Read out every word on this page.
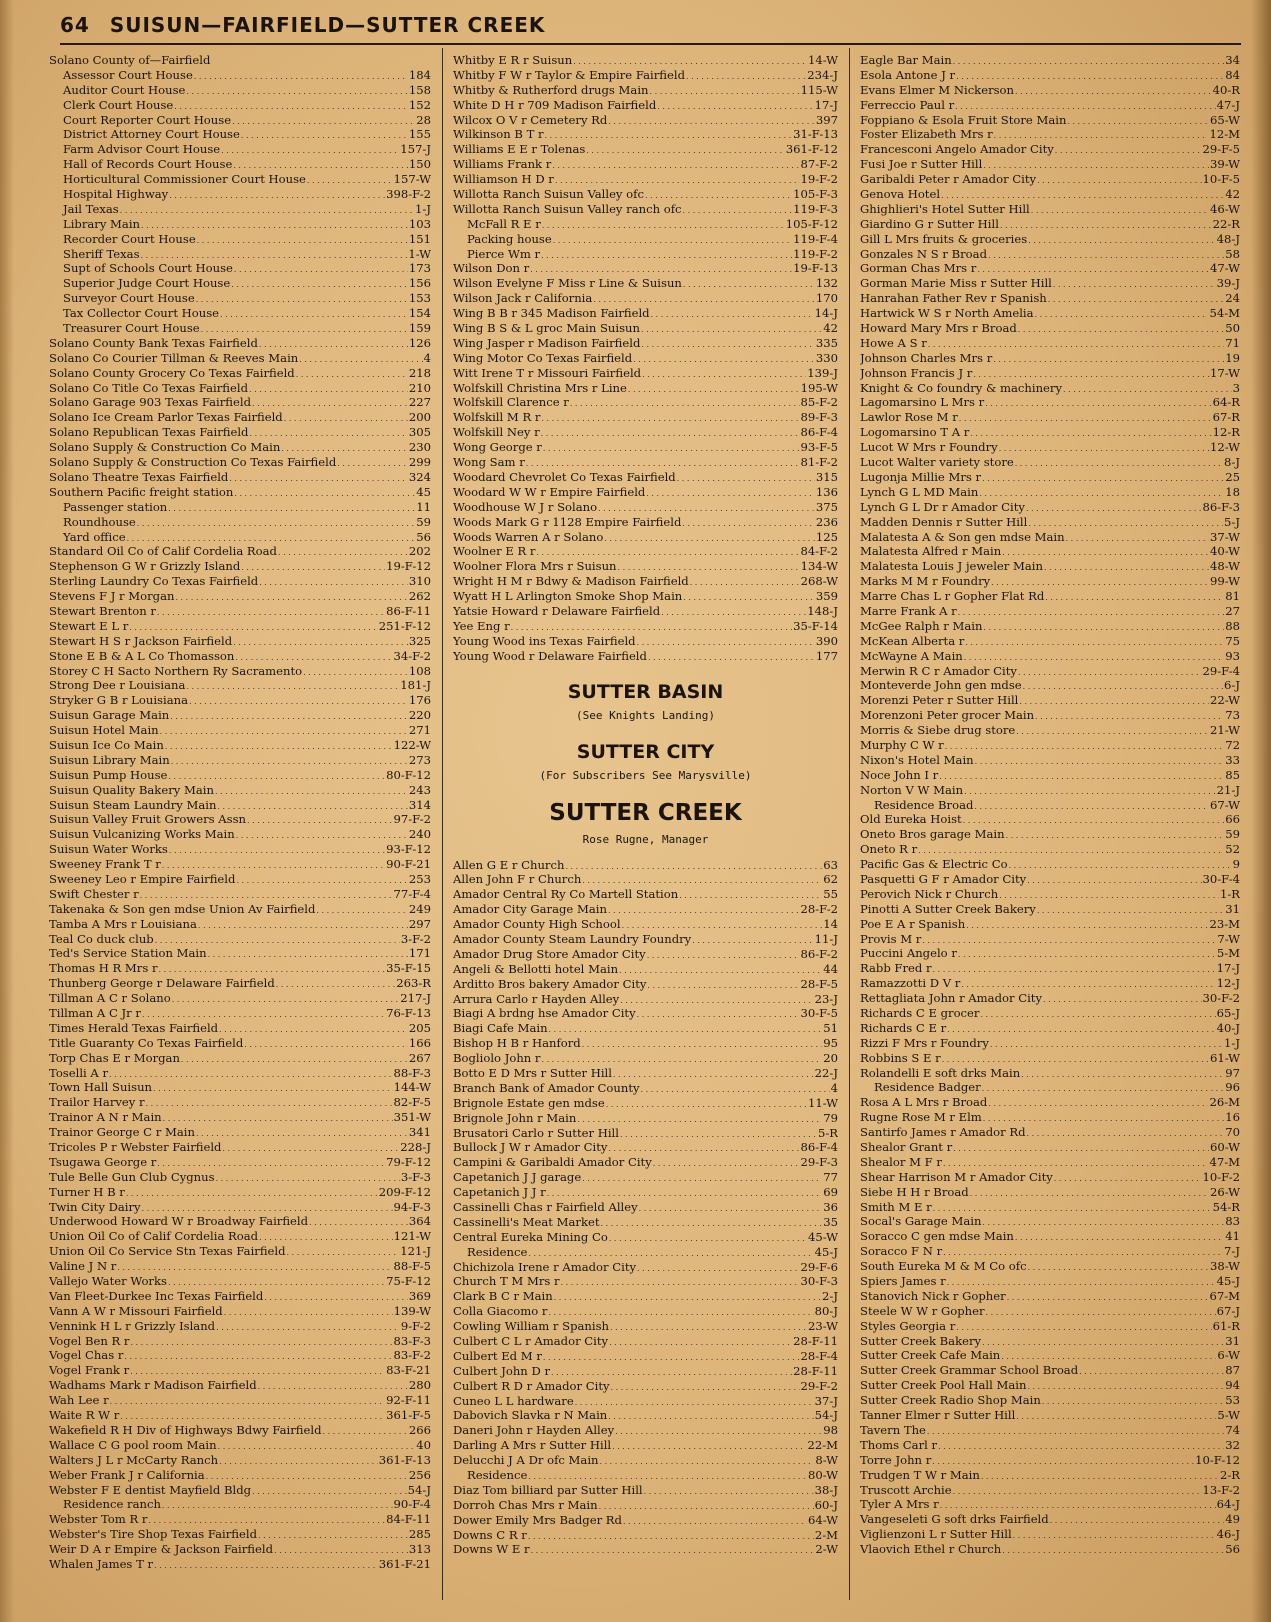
64 SUISUN—FAIRFIELD—SUTTER CREEK
Solano County of—Fairfield
Assessor Court House . . .	184
Auditor Court House . . .	158
Clerk Court House . . .	152
Court Reporter Court House . . .	28
District Attorney Court House . . .	155
Farm Advisor Court House . . .	157-J
Hall of Records Court House . . .	150
Horticultural Commissioner Court House . . .	157-W
Hospital Highway . . .	398-F-2
Jail Texas . . .	1-J
Library Main . . .	103
Recorder Court House . . .	151
Sheriff Texas . . .	1-W
Supt of Schools Court House . . .	173
Superior Judge Court House . . .	156
Surveyor Court House . . .	153
Tax Collector Court House . . .	154
Treasurer Court House . . .	159
Solano County Bank Texas Fairfield . . .	126
Solano Co Courier Tillman & Reeves Main . . .	4
Solano County Grocery Co Texas Fairfield . . .	218
Solano Co Title Co Texas Fairfield . . .	210
Solano Garage 903 Texas Fairfield . . .	227
Solano Ice Cream Parlor Texas Fairfield . . .	200
Solano Republican Texas Fairfield . . .	305
Solano Supply & Construction Co Main . . .	230
Solano Supply & Construction Co Texas Fairfield . . .	299
Solano Theatre Texas Fairfield . . .	324
Southern Pacific freight station . . .	45
Passenger station . . .	11
Roundhouse . . .	59
Yard office . . .	56
Standard Oil Co of Calif Cordelia Road . . .	202
Stephenson G W r Grizzly Island . . .	19-F-12
Sterling Laundry Co Texas Fairfield . . .	310
Stevens F J r Morgan . . .	262
Stewart Brenton r . . .	86-F-11
Stewart E L r . . .	251-F-12
Stewart H S r Jackson Fairfield . . .	325
Stone E B & A L Co Thomasson . . .	34-F-2
Storey C H Sacto Northern Ry Sacramento . . .	108
Strong Dee r Louisiana . . .	181-J
Stryker G B r Louisiana . . .	176
Suisun Garage Main . . .	220
Suisun Hotel Main . . .	271
Suisun Ice Co Main . . .	122-W
Suisun Library Main . . .	273
Suisun Pump House . . .	80-F-12
Suisun Quality Bakery Main . . .	243
Suisun Steam Laundry Main . . .	314
Suisun Valley Fruit Growers Assn . . .	97-F-2
Suisun Vulcanizing Works Main . . .	240
Suisun Water Works . . .	93-F-12
Sweeney Frank T r . . .	90-F-21
Sweeney Leo r Empire Fairfield . . .	253
Swift Chester r . . .	77-F-4
Takenaka & Son gen mdse Union Av Fairfield . . .	249
Tamba A Mrs r Louisiana . . .	297
Teal Co duck club . . .	3-F-2
Ted's Service Station Main . . .	171
Thomas H R Mrs r . . .	35-F-15
Thunberg George r Delaware Fairfield . . .	263-R
Tillman A C r Solano . . .	217-J
Tillman A C Jr r . . .	76-F-13
Times Herald Texas Fairfield . . .	205
Title Guaranty Co Texas Fairfield . . .	166
Torp Chas E r Morgan . . .	267
Toselli A r . . .	88-F-3
Town Hall Suisun . . .	144-W
Trailor Harvey r . . .	82-F-5
Trainor A N r Main . . .	351-W
Trainor George C r Main . . .	341
Tricoles P r Webster Fairfield . . .	228-J
Tsugawa George r . . .	79-F-12
Tule Belle Gun Club Cygnus . . .	3-F-3
Turner H B r . . .	209-F-12
Twin City Dairy . . .	94-F-3
Underwood Howard W r Broadway Fairfield . . .	364
Union Oil Co of Calif Cordelia Road . . .	121-W
Union Oil Co Service Stn Texas Fairfield . . .	121-J
Valine J N r . . .	88-F-5
Vallejo Water Works . . .	75-F-12
Van Fleet-Durkee Inc Texas Fairfield . . .	369
Vann A W r Missouri Fairfield . . .	139-W
Vennink H L r Grizzly Island . . .	9-F-2
Vogel Ben R r . . .	83-F-3
Vogel Chas r . . .	83-F-2
Vogel Frank r . . .	83-F-21
Wadhams Mark r Madison Fairfield . . .	280
Wah Lee r . . .	92-F-11
Waite R W r . . .	361-F-5
Wakefield R H Div of Highways Bdwy Fairfield . . .	266
Wallace C G pool room Main . . .	40
Walters J L r McCarty Ranch . . .	361-F-13
Weber Frank J r California . . .	256
Webster F E dentist Mayfield Bldg . . .	54-J
Residence ranch . . .	90-F-4
Webster Tom R r . . .	84-F-11
Webster's Tire Shop Texas Fairfield . . .	285
Weir D A r Empire & Jackson Fairfield . . .	313
Whalen James T r . . .	361-F-21
Whitby E R r Suisun . . .	14-W
Whitby F W r Taylor & Empire Fairfield . . .	234-J
Whitby & Rutherford drugs Main . . .	115-W
White D H r 709 Madison Fairfield . . .	17-J
Wilcox O V r Cemetery Rd . . .	397
Wilkinson B T r . . .	31-F-13
Williams E E r Tolenas . . .	361-F-12
Williams Frank r . . .	87-F-2
Williamson H D r . . .	19-F-2
Willotta Ranch Suisun Valley ofc . . .	105-F-3
Willotta Ranch Suisun Valley ranch ofc . . .	119-F-3
McFall R E r . . .	105-F-12
Packing house . . .	119-F-4
Pierce Wm r . . .	119-F-2
Wilson Don r . . .	19-F-13
Wilson Evelyne F Miss r Line & Suisun . . .	132
Wilson Jack r California . . .	170
Wing B B r 345 Madison Fairfield . . .	14-J
Wing B S & L groc Main Suisun . . .	42
Wing Jasper r Madison Fairfield . . .	335
Wing Motor Co Texas Fairfield . . .	330
Witt Irene T r Missouri Fairfield . . .	139-J
Wolfskill Christina Mrs r Line . . .	195-W
Wolfskill Clarence r . . .	85-F-2
Wolfskill M R r . . .	89-F-3
Wolfskill Ney r . . .	86-F-4
Wong George r . . .	93-F-5
Wong Sam r . . .	81-F-2
Woodard Chevrolet Co Texas Fairfield . . .	315
Woodard W W r Empire Fairfield . . .	136
Woodhouse W J r Solano . . .	375
Woods Mark G r 1128 Empire Fairfield . . .	236
Woods Warren A r Solano . . .	125
Woolner E R r . . .	84-F-2
Woolner Flora Mrs r Suisun . . .	134-W
Wright H M r Bdwy & Madison Fairfield . . .	268-W
Wyatt H L Arlington Smoke Shop Main . . .	359
Yatsie Howard r Delaware Fairfield . . .	148-J
Yee Eng r . . .	35-F-14
Young Wood ins Texas Fairfield . . .	390
Young Wood r Delaware Fairfield . . .	177
SUTTER BASIN
(See Knights Landing)
SUTTER CITY
(For Subscribers See Marysville)
SUTTER CREEK
Rose Rugne, Manager
Allen G E r Church . . .	63
Allen John F r Church . . .	62
Amador Central Ry Co Martell Station . . .	55
Amador City Garage Main . . .	28-F-2
Amador County High School . . .	14
Amador County Steam Laundry Foundry . . .	11-J
Amador Drug Store Amador City . . .	86-F-2
Angeli & Bellotti hotel Main . . .	44
Arditto Bros bakery Amador City . . .	28-F-5
Arrura Carlo r Hayden Alley . . .	23-J
Biagi A brdng hse Amador City . . .	30-F-5
Biagi Cafe Main . . .	51
Bishop H B r Hanford . . .	95
Bogliolo John r . . .	20
Botto E D Mrs r Sutter Hill . . .	22-J
Branch Bank of Amador County . . .	4
Brignole Estate gen mdse . . .	11-W
Brignole John r Main . . .	79
Brusatori Carlo r Sutter Hill . . .	5-R
Bullock J W r Amador City . . .	86-F-4
Campini & Garibaldi Amador City . . .	29-F-3
Capetanich J J garage . . .	77
Capetanich J J r . . .	69
Cassinelli Chas r Fairfield Alley . . .	36
Cassinelli's Meat Market . . .	35
Central Eureka Mining Co . . .	45-W
Residence . . .	45-J
Chichizola Irene r Amador City . . .	29-F-6
Church T M Mrs r . . .	30-F-3
Clark B C r Main . . .	2-J
Colla Giacomo r . . .	80-J
Cowling William r Spanish . . .	23-W
Culbert C L r Amador City . . .	28-F-11
Culbert Ed M r . . .	28-F-4
Culbert John D r . . .	28-F-11
Culbert R D r Amador City . . .	29-F-2
Cuneo L L hardware . . .	37-J
Dabovich Slavka r N Main . . .	54-J
Daneri John r Hayden Alley . . .	98
Darling A Mrs r Sutter Hill . . .	22-M
Delucchi J A Dr ofc Main . . .	8-W
Residence . . .	80-W
Diaz Tom billiard par Sutter Hill . . .	38-J
Dorroh Chas Mrs r Main . . .	60-J
Dower Emily Mrs Badger Rd . . .	64-W
Downs C R r . . .	2-M
Downs W E r . . .	2-W
Eagle Bar Main . . .	34
Esola Antone J r . . .	84
Evans Elmer M Nickerson . . .	40-R
Ferreccio Paul r . . .	47-J
Foppiano & Esola Fruit Store Main . . .	65-W
Foster Elizabeth Mrs r . . .	12-M
Francesconi Angelo Amador City . . .	29-F-5
Fusi Joe r Sutter Hill . . .	39-W
Garibaldi Peter r Amador City . . .	10-F-5
Genova Hotel . . .	42
Ghighlieri's Hotel Sutter Hill . . .	46-W
Giardino G r Sutter Hill . . .	22-R
Gill L Mrs fruits & groceries . . .	48-J
Gonzales N S r Broad . . .	58
Gorman Chas Mrs r . . .	47-W
Gorman Marie Miss r Sutter Hill . . .	39-J
Hanrahan Father Rev r Spanish . . .	24
Hartwick W S r North Amelia . . .	54-M
Howard Mary Mrs r Broad . . .	50
Howe A S r . . .	71
Johnson Charles Mrs r . . .	19
Johnson Francis J r . . .	17-W
Knight & Co foundry & machinery . . .	3
Lagomarsino L Mrs r . . .	64-R
Lawlor Rose M r . . .	67-R
Logomarsino T A r . . .	12-R
Lucot W Mrs r Foundry . . .	12-W
Lucot Walter variety store . . .	8-J
Lugonja Millie Mrs r . . .	25
Lynch G L MD Main . . .	18
Lynch G L Dr r Amador City . . .	86-F-3
Madden Dennis r Sutter Hill . . .	5-J
Malatesta A & Son gen mdse Main . . .	37-W
Malatesta Alfred r Main . . .	40-W
Malatesta Louis J jeweler Main . . .	48-W
Marks M M r Foundry . . .	99-W
Marre Chas L r Gopher Flat Rd . . .	81
Marre Frank A r . . .	27
McGee Ralph r Main . . .	88
McKean Alberta r . . .	75
McWayne A Main . . .	93
Merwin R C r Amador City . . .	29-F-4
Monteverde John gen mdse . . .	6-J
Morenzi Peter r Sutter Hill . . .	22-W
Morenzoni Peter grocer Main . . .	73
Morris & Siebe drug store . . .	21-W
Murphy C W r . . .	72
Nixon's Hotel Main . . .	33
Noce John I r . . .	85
Norton V W Main . . .	21-J
Residence Broad . . .	67-W
Old Eureka Hoist . . .	66
Oneto Bros garage Main . . .	59
Oneto R r . . .	52
Pacific Gas & Electric Co . . .	9
Pasquetti G F r Amador City . . .	30-F-4
Perovich Nick r Church . . .	1-R
Pinotti A Sutter Creek Bakery . . .	31
Poe E A r Spanish . . .	23-M
Provis M r . . .	7-W
Puccini Angelo r . . .	5-M
Rabb Fred r . . .	17-J
Ramazzotti D V r . . .	12-J
Rettagliata John r Amador City . . .	30-F-2
Richards C E grocer . . .	65-J
Richards C E r . . .	40-J
Rizzi F Mrs r Foundry . . .	1-J
Robbins S E r . . .	61-W
Rolandelli E soft drks Main . . .	97
Residence Badger . . .	96
Rosa A L Mrs r Broad . . .	26-M
Rugne Rose M r Elm . . .	16
Santirfo James r Amador Rd . . .	70
Shealor Grant r . . .	60-W
Shealor M F r . . .	47-M
Shear Harrison M r Amador City . . .	10-F-2
Siebe H H r Broad . . .	26-W
Smith M E r . . .	54-R
Socal's Garage Main . . .	83
Soracco C gen mdse Main . . .	41
Soracco F N r . . .	7-J
South Eureka M & M Co ofc . . .	38-W
Spiers James r . . .	45-J
Stanovich Nick r Gopher . . .	67-M
Steele W W r Gopher . . .	67-J
Styles Georgia r . . .	61-R
Sutter Creek Bakery . . .	31
Sutter Creek Cafe Main . . .	6-W
Sutter Creek Grammar School Broad . . .	87
Sutter Creek Pool Hall Main . . .	94
Sutter Creek Radio Shop Main . . .	53
Tanner Elmer r Sutter Hill . . .	5-W
Tavern The . . .	74
Thoms Carl r . . .	32
Torre John r . . .	10-F-12
Trudgen T W r Main . . .	2-R
Truscott Archie . . .	13-F-2
Tyler A Mrs r . . .	64-J
Vangeseleti G soft drks Fairfield . . .	49
Viglienzoni L r Sutter Hill . . .	46-J
Vlaovich Ethel r Church . . .	56
